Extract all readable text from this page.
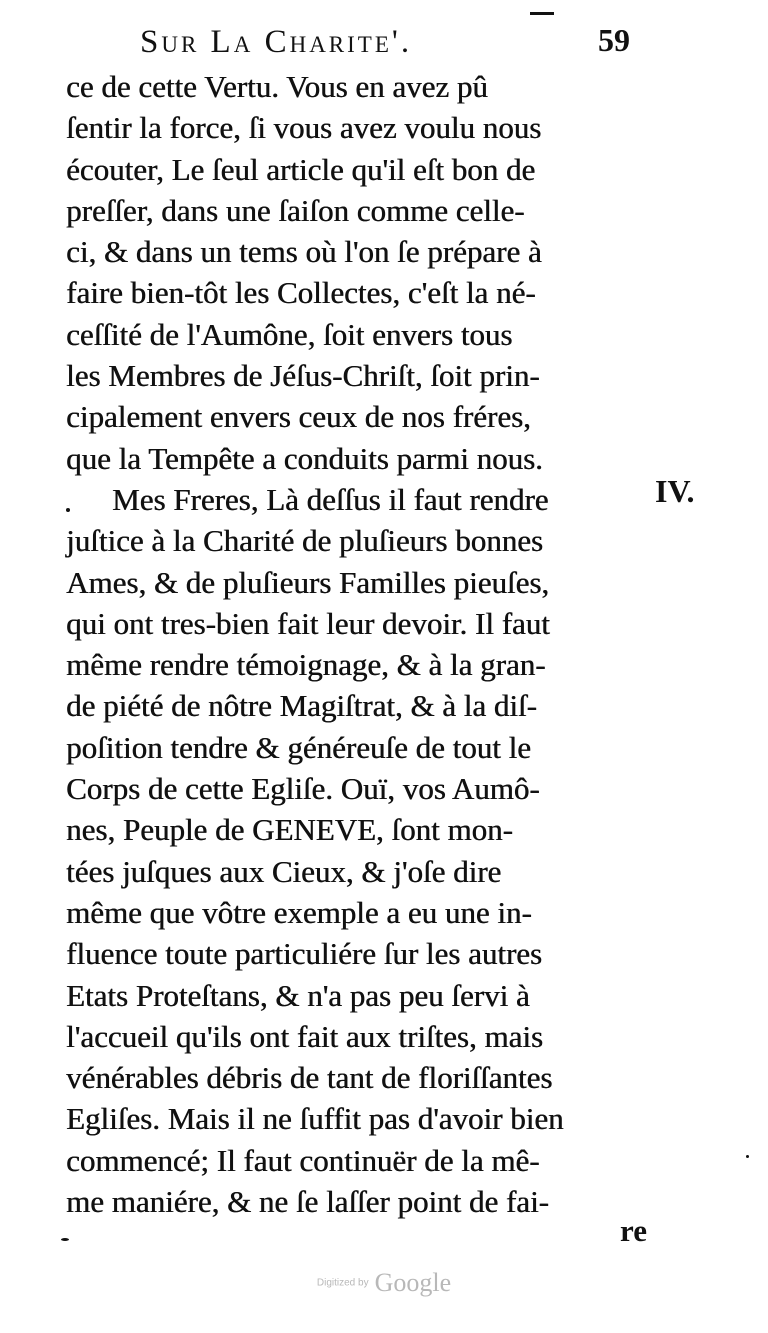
Sur La Charite'.	59
ce de cette Vertu. Vous en avez pû
ſentir la force, ſi vous avez voulu nous
écouter, Le ſeul article qu'il eſt bon de
preſſer, dans une ſaiſon comme celle-
ci, & dans un tems où l'on ſe prépare à
faire bien-tôt les Collectes, c'eſt la né-
ceſſité de l'Aumône, ſoit envers tous
les Membres de Jéſus-Chriſt, ſoit prin-
cipalement envers ceux de nos fréres,
que la Tempête a conduits parmi nous.
Mes Freres, Là deſſus il faut rendre
juſtice à la Charité de pluſieurs bonnes
Ames, & de pluſieurs Familles pieuſes,
qui ont tres-bien fait leur devoir. Il faut
même rendre témoignage, & à la gran-
de piété de nôtre Magiſtrat, & à la diſ-
poſition tendre & généreuſe de tout le
Corps de cette Egliſe. Ouï, vos Aumô-
nes, Peuple de GENEVE, ſont mon-
tées juſques aux Cieux, & j'oſe dire
même que vôtre exemple a eu une in-
fluence toute particuliére ſur les autres
Etats Proteſtans, & n'a pas peu ſervi à
l'accueil qu'ils ont fait aux triſtes, mais
vénérables débris de tant de floriſſantes
Egliſes. Mais il ne ſuffit pas d'avoir bien
commencé; Il faut continuër de la mê-
me maniére, & ne ſe laſſer point de fai-
IV.
re
Digitized by Google
